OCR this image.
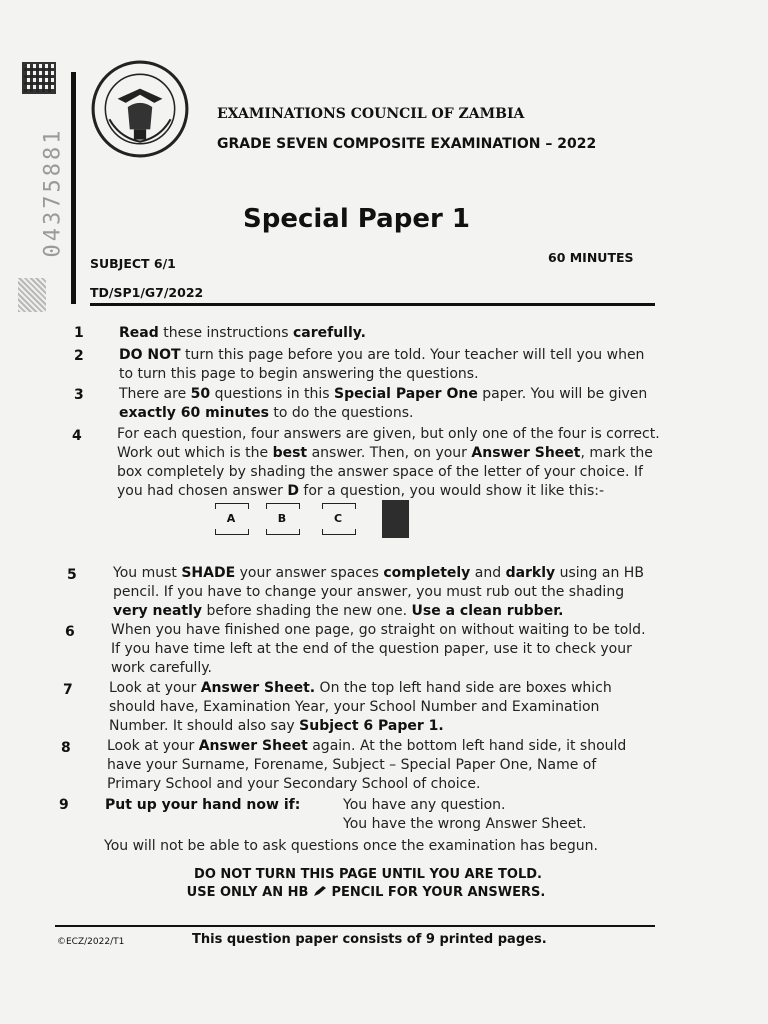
04375881
EXAMINATIONS COUNCIL OF ZAMBIA
GRADE SEVEN COMPOSITE EXAMINATION – 2022
Special Paper 1
SUBJECT 6/1	60 MINUTES
TD/SP1/G7/2022
1	Read these instructions carefully.
2	DO NOT turn this page before you are told. Your teacher will tell you when
to turn this page to begin answering the questions.
3	There are 50 questions in this Special Paper One paper. You will be given
exactly 60 minutes to do the questions.
4	For each question, four answers are given, but only one of the four is correct.
Work out which is the best answer. Then, on your Answer Sheet, mark the
box completely by shading the answer space of the letter of your choice. If
you had chosen answer D for a question, you would show it like this:-
A	B	C
5	You must SHADE your answer spaces completely and darkly using an HB
pencil. If you have to change your answer, you must rub out the shading
very neatly before shading the new one. Use a clean rubber.
6	When you have finished one page, go straight on without waiting to be told.
If you have time left at the end of the question paper, use it to check your
work carefully.
7	Look at your Answer Sheet. On the top left hand side are boxes which
should have, Examination Year, your School Number and Examination
Number. It should also say Subject 6 Paper 1.
8	Look at your Answer Sheet again. At the bottom left hand side, it should
have your Surname, Forename, Subject – Special Paper One, Name of
Primary School and your Secondary School of choice.
9	Put up your hand now if:	You have any question.
You have the wrong Answer Sheet.
You will not be able to ask questions once the examination has begun.
DO NOT TURN THIS PAGE UNTIL YOU ARE TOLD.
USE ONLY AN HB PENCIL FOR YOUR ANSWERS.
©ECZ/2022/T1	This question paper consists of 9 printed pages.
